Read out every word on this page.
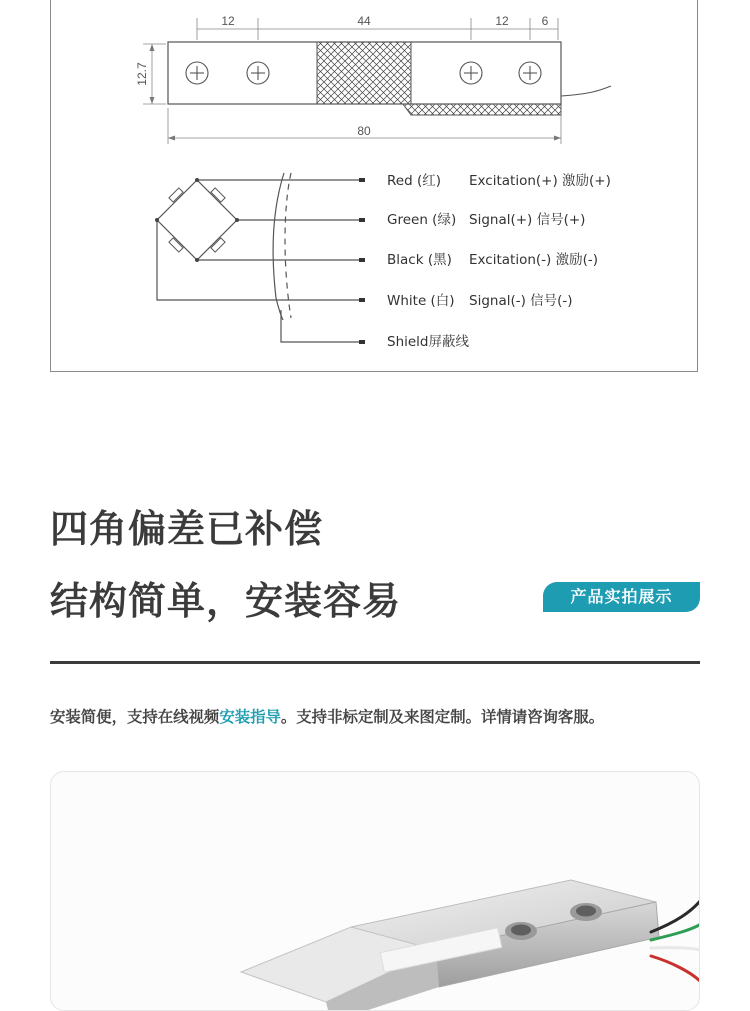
12	44	12	6
80
12.7
Red (红) Excitation(+) 激励(+)
Green (绿) Signal(+) 信号(+)
Black (黑) Excitation(-) 激励(-)
White (白) Signal(-) 信号(-)
Shield屏蔽线
四角偏差已补偿
结构简单，安装容易	产品实拍展示

安装简便，支持在线视频安装指导。支持非标定制及来图定制。详情请咨询客服。
